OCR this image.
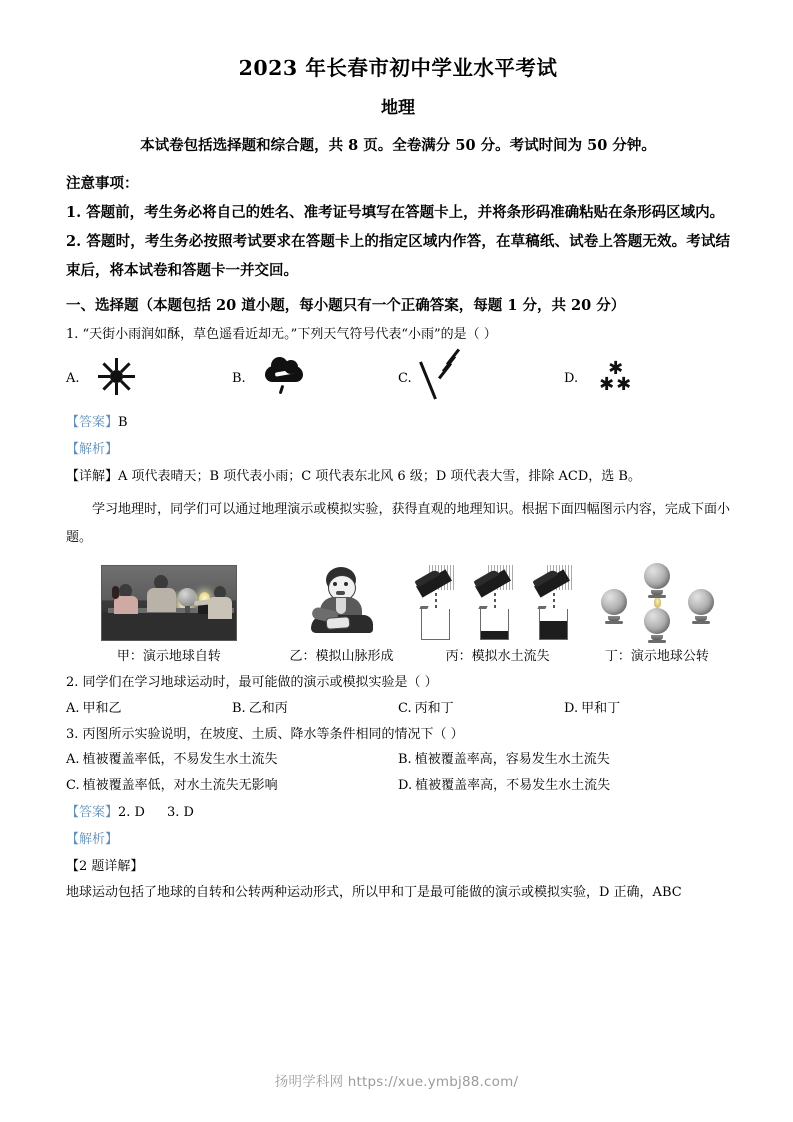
2023 年长春市初中学业水平考试
地理
本试卷包括选择题和综合题，共 8 页。全卷满分 50 分。考试时间为 50 分钟。
注意事项：
1. 答题前，考生务必将自己的姓名、准考证号填写在答题卡上，并将条形码准确粘贴在条形码区域内。
2. 答题时，考生务必按照考试要求在答题卡上的指定区域内作答，在草稿纸、试卷上答题无效。考试结束后，将本试卷和答题卡一并交回。
一、选择题（本题包括 20 道小题，每小题只有一个正确答案，每题 1 分，共 20 分）
1. “天街小雨润如酥，草色遥看近却无。”下列天气符号代表“小雨”的是（ ）
A.	B.	C.	D. ✱
✱ ✱
【答案】B
【解析】
【详解】A 项代表晴天；B 项代表小雨；C 项代表东北风 6 级；D 项代表大雪，排除 ACD，选 B。
学习地理时，同学们可以通过地理演示或模拟实验，获得直观的地理知识。根据下面四幅图示内容，完成下面小题。
甲：演示地球自转	乙：模拟山脉形成	丙：模拟水土流失	丁：演示地球公转
2. 同学们在学习地球运动时，最可能做的演示或模拟实验是（ ）
A. 甲和乙	B. 乙和丙	C. 丙和丁	D. 甲和丁
3. 丙图所示实验说明，在坡度、土质、降水等条件相同的情况下（ ）
A. 植被覆盖率低，不易发生水土流失	B. 植被覆盖率高，容易发生水土流失
C. 植被覆盖率低，对水土流失无影响	D. 植被覆盖率高，不易发生水土流失
【答案】2. D 3. D
【解析】
【2 题详解】
地球运动包括了地球的自转和公转两种运动形式，所以甲和丁是最可能做的演示或模拟实验，D 正确，ABC
扬明学科网 https://xue.ymbj88.com/
